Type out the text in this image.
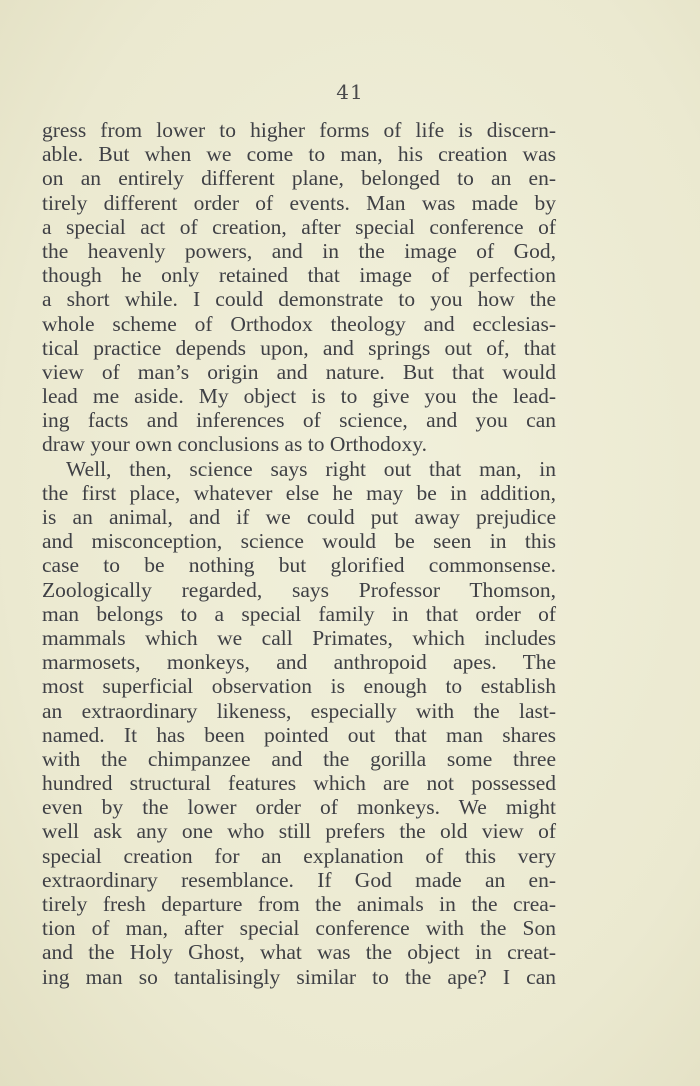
41
gress from lower to higher forms of life is discern-
able. But when we come to man, his creation was
on an entirely different plane, belonged to an en-
tirely different order of events. Man was made by
a special act of creation, after special conference of
the heavenly powers, and in the image of God,
though he only retained that image of perfection
a short while. I could demonstrate to you how the
whole scheme of Orthodox theology and ecclesias-
tical practice depends upon, and springs out of, that
view of man’s origin and nature. But that would
lead me aside. My object is to give you the lead-
ing facts and inferences of science, and you can
draw your own conclusions as to Orthodoxy.
Well, then, science says right out that man, in
the first place, whatever else he may be in addition,
is an animal, and if we could put away prejudice
and misconception, science would be seen in this
case to be nothing but glorified commonsense.
Zoologically regarded, says Professor Thomson,
man belongs to a special family in that order of
mammals which we call Primates, which includes
marmosets, monkeys, and anthropoid apes. The
most superficial observation is enough to establish
an extraordinary likeness, especially with the last-
named. It has been pointed out that man shares
with the chimpanzee and the gorilla some three
hundred structural features which are not possessed
even by the lower order of monkeys. We might
well ask any one who still prefers the old view of
special creation for an explanation of this very
extraordinary resemblance. If God made an en-
tirely fresh departure from the animals in the crea-
tion of man, after special conference with the Son
and the Holy Ghost, what was the object in creat-
ing man so tantalisingly similar to the ape? I can
